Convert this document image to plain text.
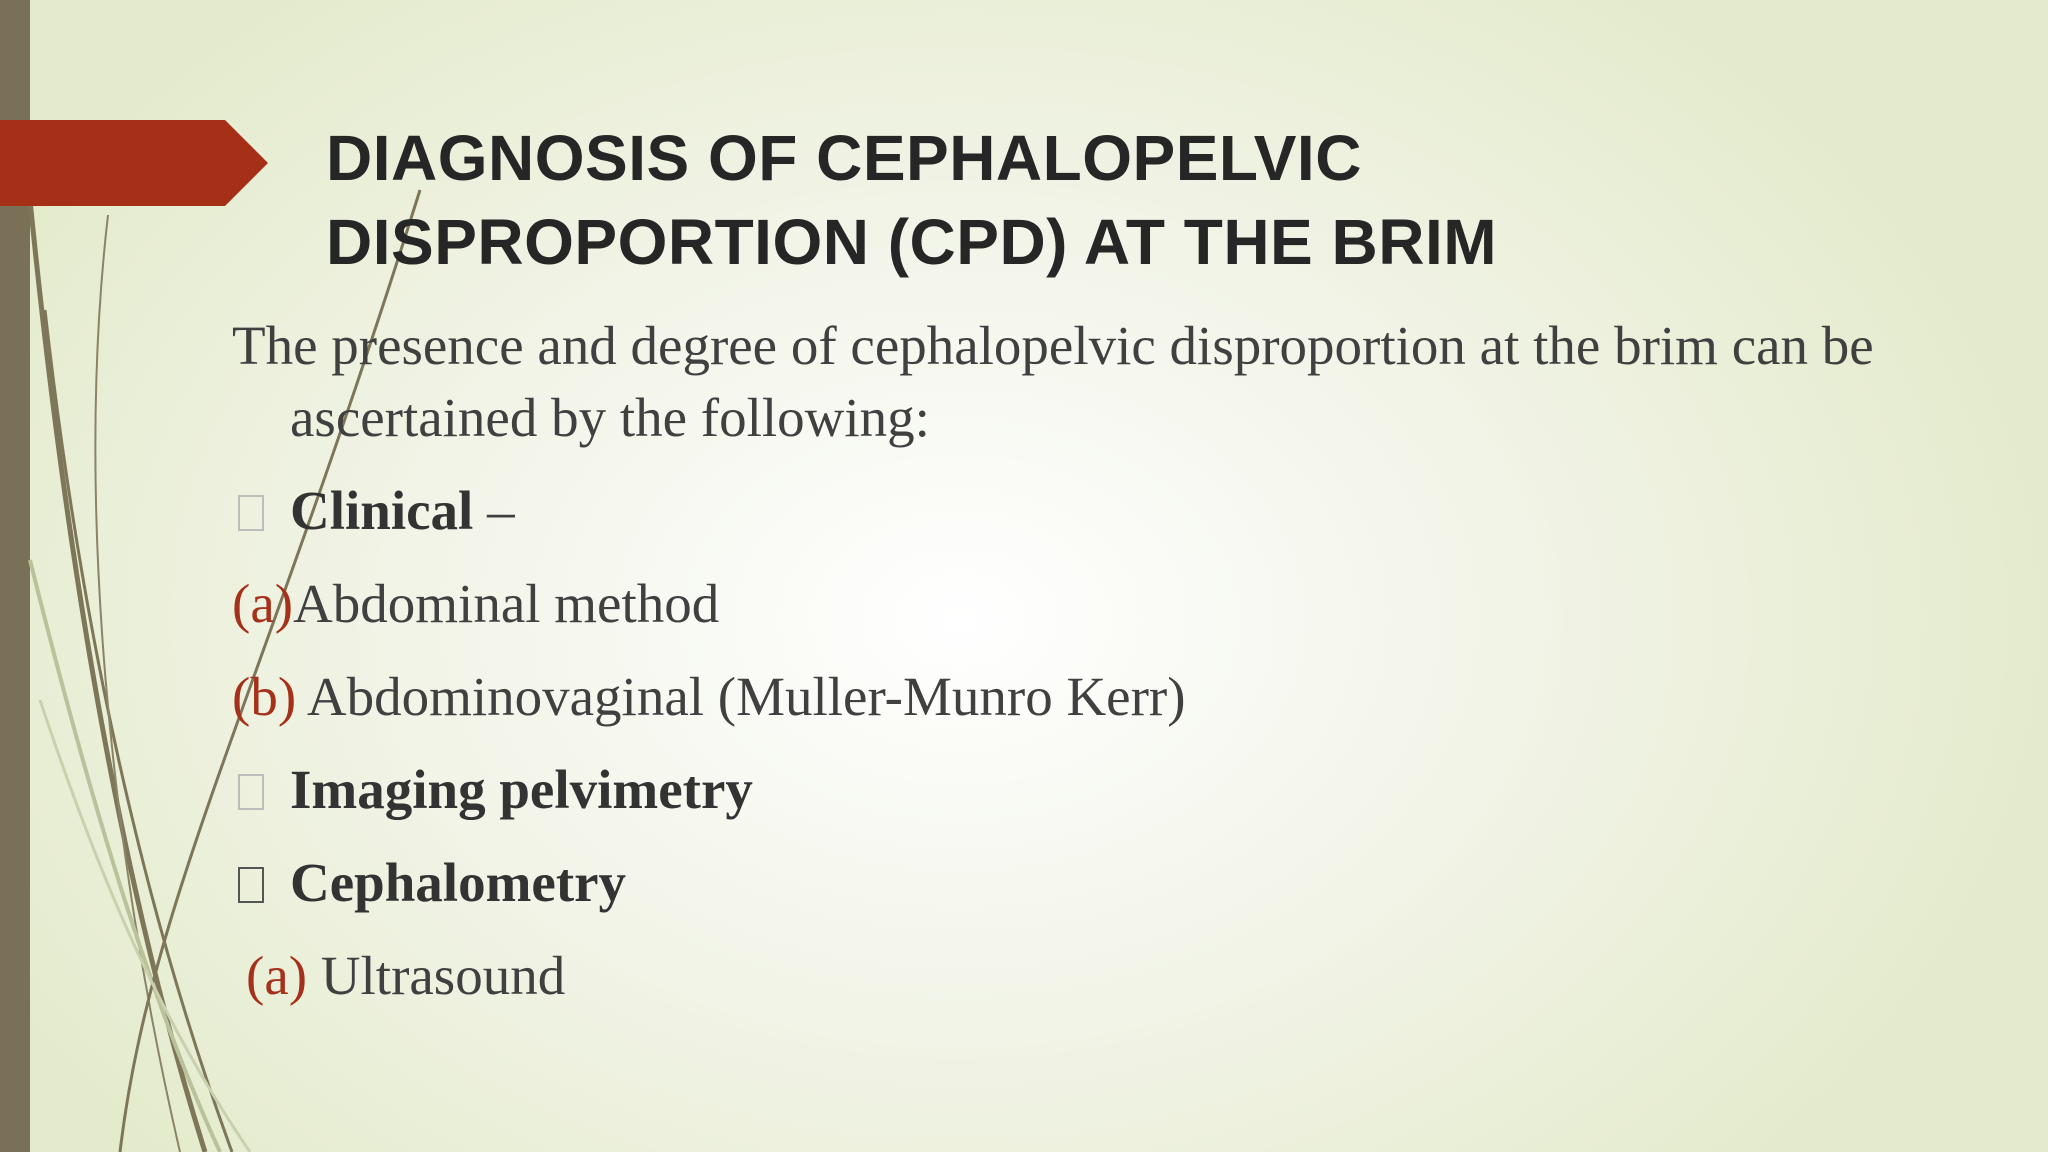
DIAGNOSIS OF CEPHALOPELVIC
DISPROPORTION (CPD) AT THE BRIM

The presence and degree of cephalopelvic disproportion at the brim can be ascertained by the following:

Clinical –
(a)Abdominal method
(b) Abdominovaginal (Muller-Munro Kerr)
Imaging pelvimetry
Cephalometry
(a) Ultrasound
